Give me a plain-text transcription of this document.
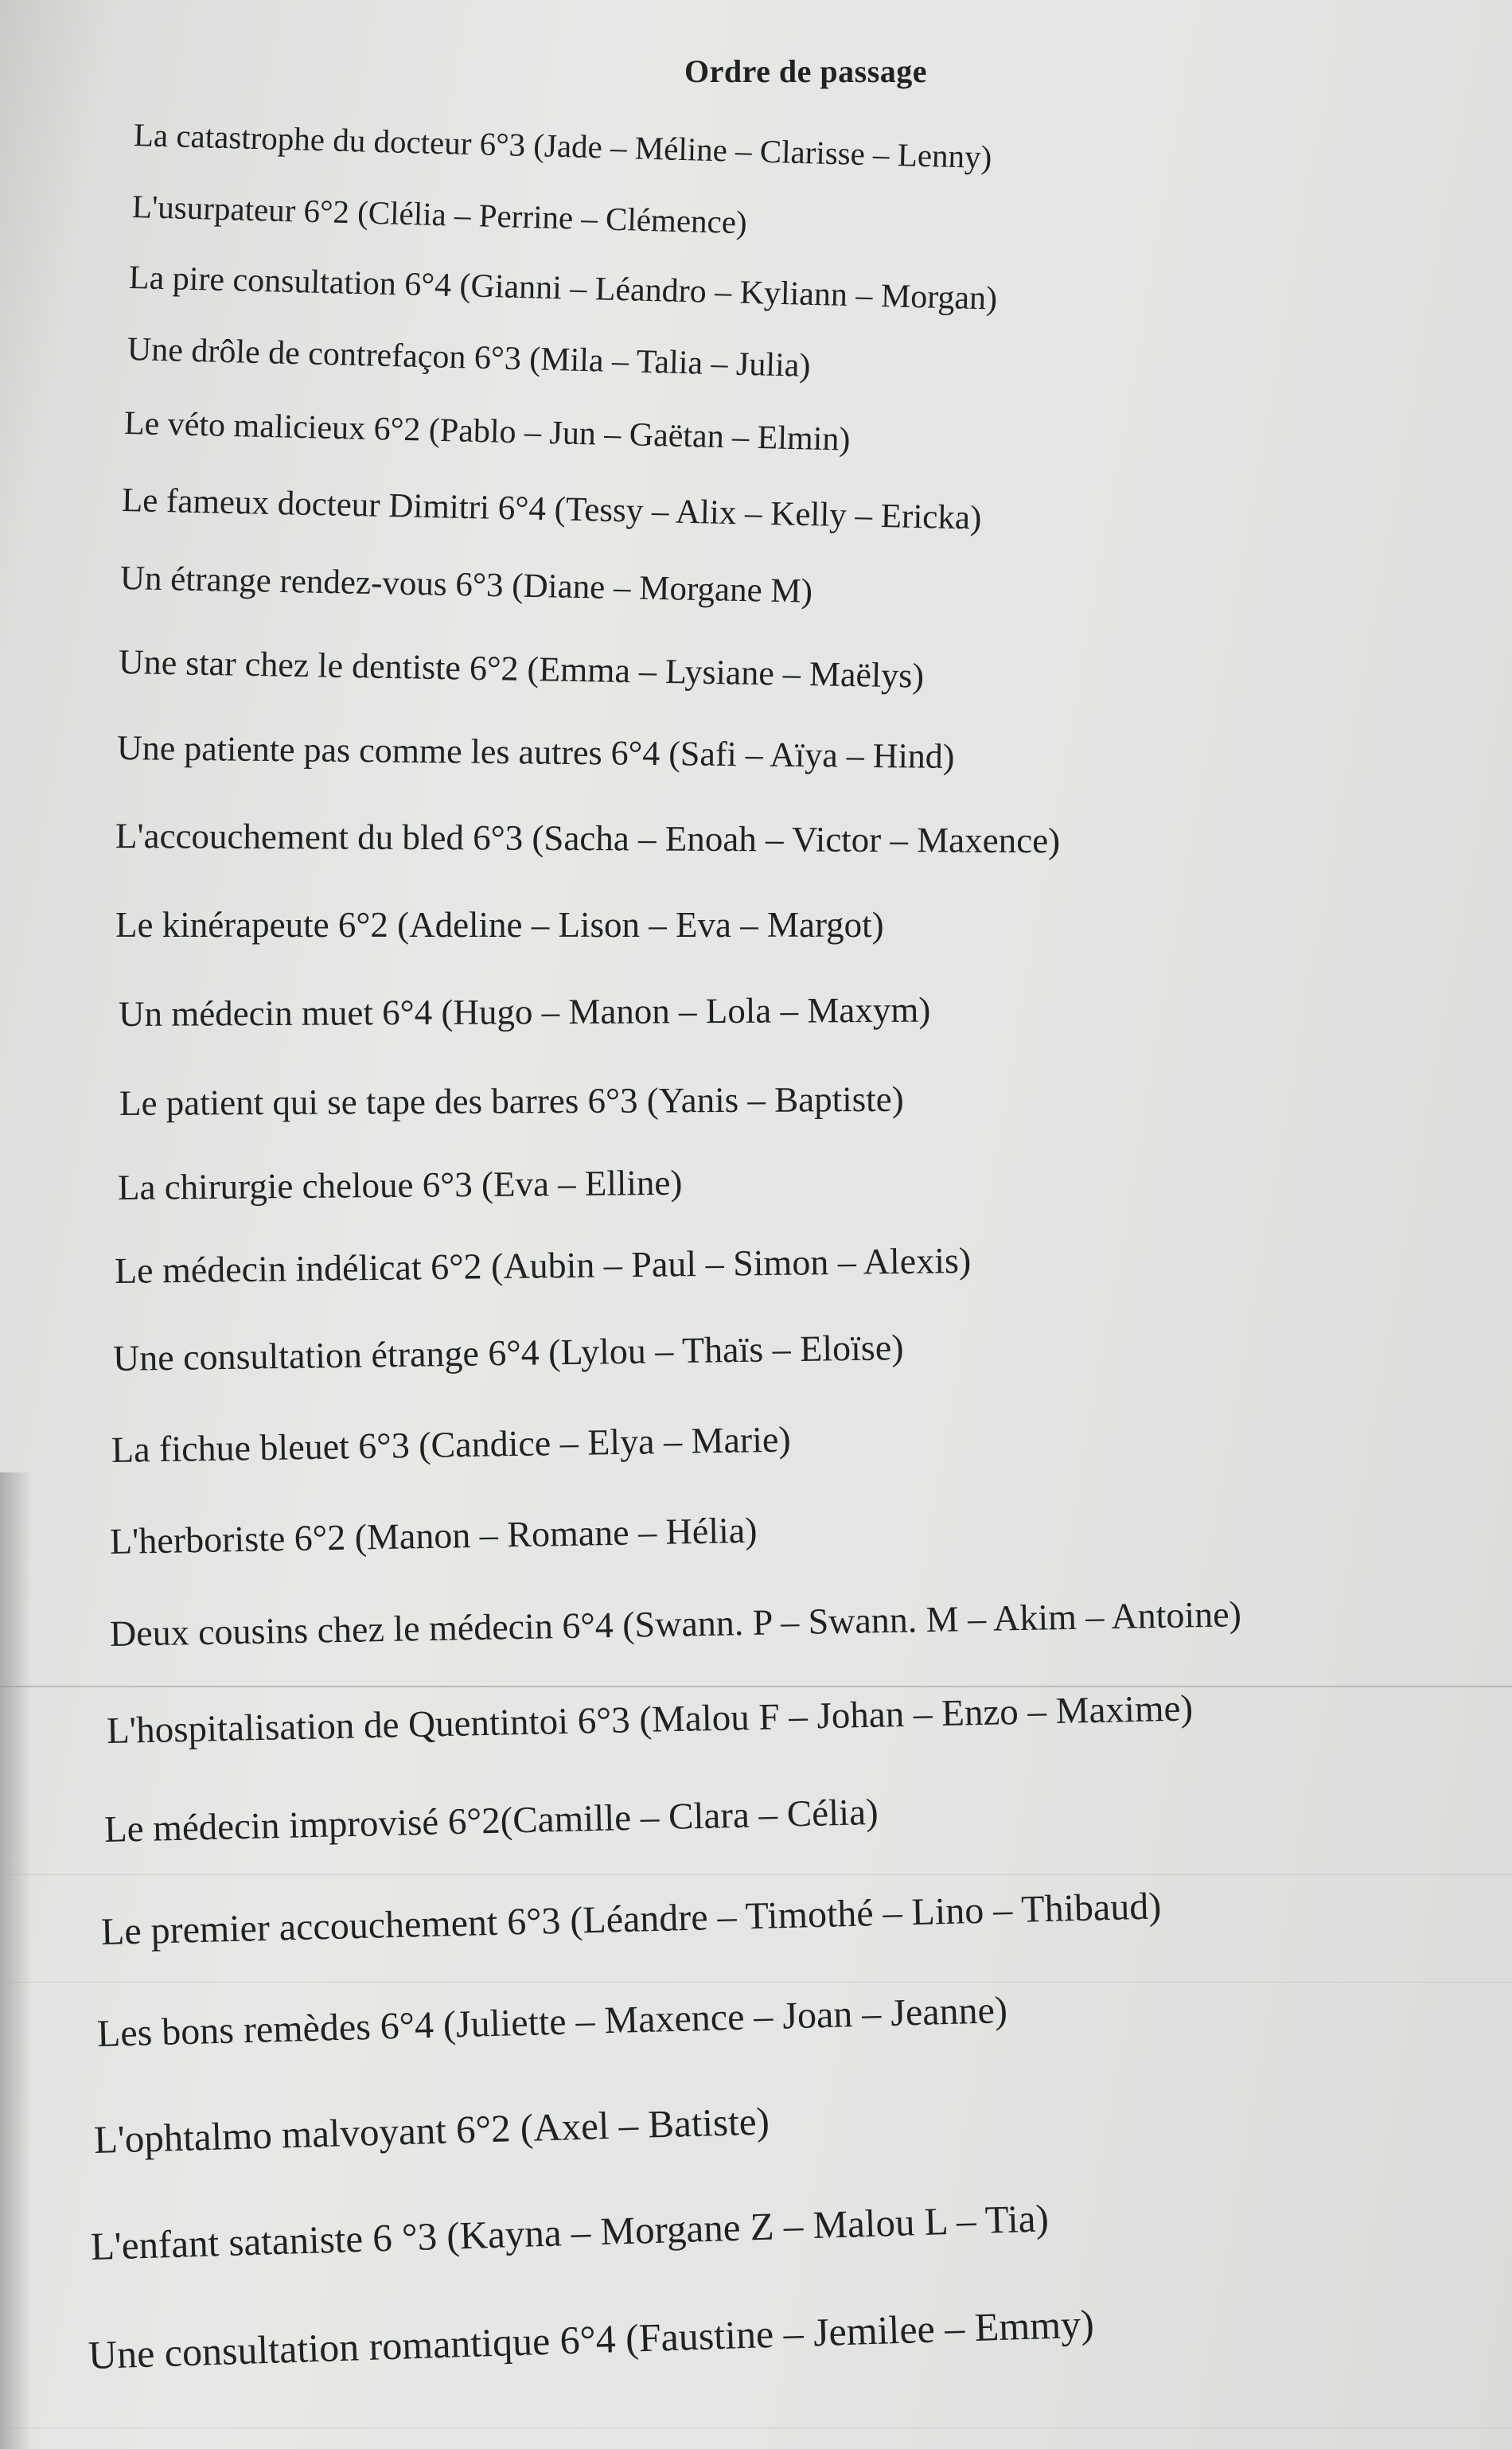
Ordre de passage
La catastrophe du docteur 6°3 (Jade – Méline – Clarisse – Lenny)
L'usurpateur 6°2 (Clélia – Perrine – Clémence)
La pire consultation 6°4 (Gianni – Léandro – Kyliann – Morgan)
Une drôle de contrefaçon 6°3 (Mila – Talia – Julia)
Le véto malicieux 6°2 (Pablo – Jun – Gaëtan – Elmin)
Le fameux docteur Dimitri 6°4 (Tessy – Alix – Kelly – Ericka)
Un étrange rendez-vous 6°3 (Diane – Morgane M)
Une star chez le dentiste 6°2 (Emma – Lysiane – Maëlys)
Une patiente pas comme les autres 6°4 (Safi – Aïya – Hind)
L'accouchement du bled 6°3 (Sacha – Enoah – Victor – Maxence)
Le kinérapeute 6°2 (Adeline – Lison – Eva – Margot)
Un médecin muet 6°4 (Hugo – Manon – Lola – Maxym)
Le patient qui se tape des barres 6°3 (Yanis – Baptiste)
La chirurgie cheloue 6°3 (Eva – Elline)
Le médecin indélicat 6°2 (Aubin – Paul – Simon – Alexis)
Une consultation étrange 6°4 (Lylou – Thaïs – Eloïse)
La fichue bleuet 6°3 (Candice – Elya – Marie)
L'herboriste 6°2 (Manon – Romane – Hélia)
Deux cousins chez le médecin 6°4 (Swann. P – Swann. M – Akim – Antoine)
L'hospitalisation de Quentintoi 6°3 (Malou F – Johan – Enzo – Maxime)
Le médecin improvisé 6°2(Camille – Clara – Célia)
Le premier accouchement 6°3 (Léandre – Timothé – Lino – Thibaud)
Les bons remèdes 6°4 (Juliette – Maxence – Joan – Jeanne)
L'ophtalmo malvoyant 6°2 (Axel – Batiste)
L'enfant sataniste 6 °3 (Kayna – Morgane Z – Malou L – Tia)
Une consultation romantique 6°4 (Faustine – Jemilee – Emmy)
